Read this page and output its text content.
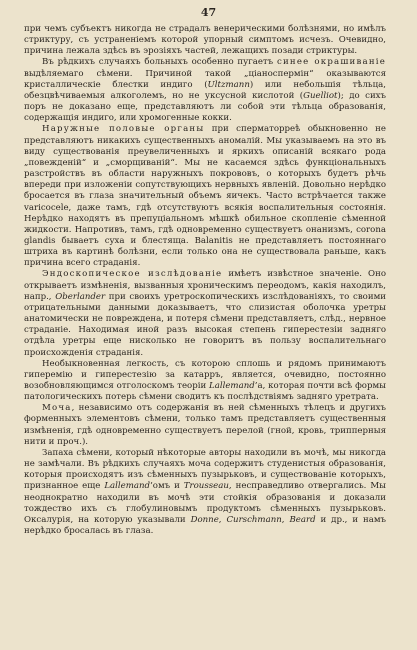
47

при чемъ субъектъ никогда не страдалъ венерическими болѣзнями, но имѣлъ стриктуру, съ устраненіемъ которой упорный симптомъ исчезъ. Очевидно, причина лежала здѣсь въ эрозіяхъ частей, лежащихъ позади стриктуры.

Въ рѣдкихъ случаяхъ больныхъ особенно пугаетъ синее окрашиваніе выдѣляемаго сѣмени. Причиной такой „ціаноспермін“ оказываются кристаллическіе блестки индиго (Ultzmann) или небольшія тѣльца, обезцвѣчиваемыя алкоголемъ, но не уксусной кислотой (Guelliot); до сихъ поръ не доказано еще, представляютъ ли собой эти тѣльца образованія, содержащія индиго, или хромогенные кокки.

Наружные половые органы при сперматорреѣ обыкновенно не представляютъ никакихъ существенныхъ аномалій. Мы указываемъ на это въ виду существованія преувеличенныхъ и яркихъ описаній всякаго рода „повежденій“ и „сморщиваній“. Мы не касаемся здѣсь функціональныхъ разстройствъ въ области наружныхъ покрововъ, о которыхъ будетъ рѣчь впереди при изложеніи сопутствующихъ нервныхъ явленій. Довольно нерѣдко бросается въ глаза значительный объемъ яичекъ. Часто встрѣчается также varicocele, даже тамъ, гдѣ отсутствуютъ всякія воспалительныя состоянія. Нерѣдко находятъ въ препуціальномъ мѣшкѣ обильное скопленіе сѣменной жидкости. Напротивъ, тамъ, гдѣ одновременно существуетъ онанизмъ, corona glandis бываетъ суха и блестяща. Balanitis не представляетъ постояннаго штриха въ картинѣ болѣзни, если только она не существовала раньше, какъ причина всего страданія.

Эндоскопическое изслѣдованіе имѣетъ извѣстное значеніе. Оно открываетъ измѣненія, вызванныя хроническимъ переодомъ, какія находилъ, напр., Oberlander при своихъ уретроскопическихъ изслѣдованіяхъ, то своими отрицательными данными доказываетъ, что слизистая оболочка уретры анатомически не повреждена, и потеря сѣмени представляетъ, слѣд., нервное страданіе. Находимая иной разъ высокая степень гиперестезіи задняго отдѣла уретры еще нисколько не говоритъ въ пользу воспалительнаго происхожденія страданія.

Необыкновенная легкость, съ которою сплошь и рядомъ принимаютъ гиперемію и гиперестезію за катарръ, является, очевидно, постоянно возобновляющимся отголоскомъ теоріи Lallemand’a, которая почти всѣ формы патологическихъ потерь сѣмени сводитъ къ послѣдствіямъ задняго уретрата.

Моча, независимо отъ содержанія въ ней сѣменныхъ тѣлецъ и другихъ форменныхъ элементовъ сѣмени, только тамъ представляетъ существенныя измѣненія, гдѣ одновременно существуетъ перелой (гной, кровь, трипперныя нити и проч.).

Запаха сѣмени, который нѣкоторые авторы находили въ мочѣ, мы никогда не замѣчали. Въ рѣдкихъ случаяхъ моча содержитъ студенистыя образованія, которыя происходятъ изъ сѣменныхъ пузырьковъ, и существованіе которыхъ, признанное еще Lallemand’омъ и Trousseau, несправедливо отвергались. Мы неоднократно находили въ мочѣ эти стойкія образованія и доказали тождество ихъ съ глобулиновымъ продуктомъ сѣменныхъ пузырьковъ. Оксалурія, на которую указывали Donne, Curschmann, Beard и др., и намъ нерѣдко бросалась въ глаза.
